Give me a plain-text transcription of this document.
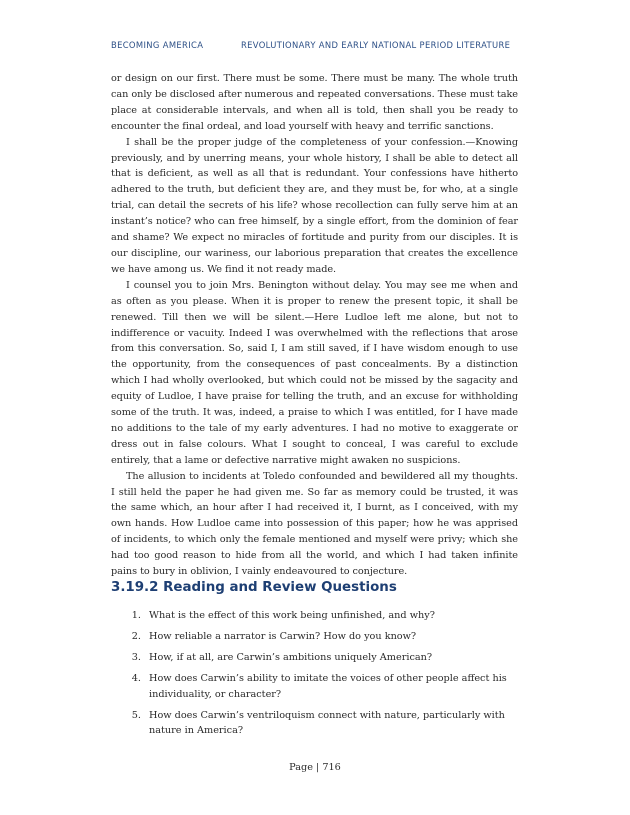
BECOMING AMERICA	REVOLUTIONARY AND EARLY NATIONAL PERIOD LITERATURE

or design on our first. There must be some. There must be many. The whole truth can only be disclosed after numerous and repeated conversations. These must take place at considerable intervals, and when all is told, then shall you be ready to encounter the final ordeal, and load yourself with heavy and terrific sanctions.

I shall be the proper judge of the completeness of your confession.—Knowing previously, and by unerring means, your whole history, I shall be able to detect all that is deficient, as well as all that is redundant. Your confessions have hitherto adhered to the truth, but deficient they are, and they must be, for who, at a single trial, can detail the secrets of his life? whose recollection can fully serve him at an instant’s notice? who can free himself, by a single effort, from the dominion of fear and shame? We expect no miracles of fortitude and purity from our disciples. It is our discipline, our wariness, our laborious preparation that creates the excellence we have among us. We find it not ready made.

I counsel you to join Mrs. Benington without delay. You may see me when and as often as you please. When it is proper to renew the present topic, it shall be renewed. Till then we will be silent.—Here Ludloe left me alone, but not to indifference or vacuity. Indeed I was overwhelmed with the reflections that arose from this conversation. So, said I, I am still saved, if I have wisdom enough to use the opportunity, from the consequences of past concealments. By a distinction which I had wholly overlooked, but which could not be missed by the sagacity and equity of Ludloe, I have praise for telling the truth, and an excuse for withholding some of the truth. It was, indeed, a praise to which I was entitled, for I have made no additions to the tale of my early adventures. I had no motive to exaggerate or dress out in false colours. What I sought to conceal, I was careful to exclude entirely, that a lame or defective narrative might awaken no suspicions.

The allusion to incidents at Toledo confounded and bewildered all my thoughts. I still held the paper he had given me. So far as memory could be trusted, it was the same which, an hour after I had received it, I burnt, as I conceived, with my own hands. How Ludloe came into possession of this paper; how he was apprised of incidents, to which only the female mentioned and myself were privy; which she had too good reason to hide from all the world, and which I had taken infinite pains to bury in oblivion, I vainly endeavoured to conjecture.

3.19.2 Reading and Review Questions
1. What is the effect of this work being unfinished, and why?
2. How reliable a narrator is Carwin? How do you know?
3. How, if at all, are Carwin’s ambitions uniquely American?
4. How does Carwin’s ability to imitate the voices of other people affect his individuality, or character?
5. How does Carwin’s ventriloquism connect with nature, particularly with nature in America?
Page | 716
